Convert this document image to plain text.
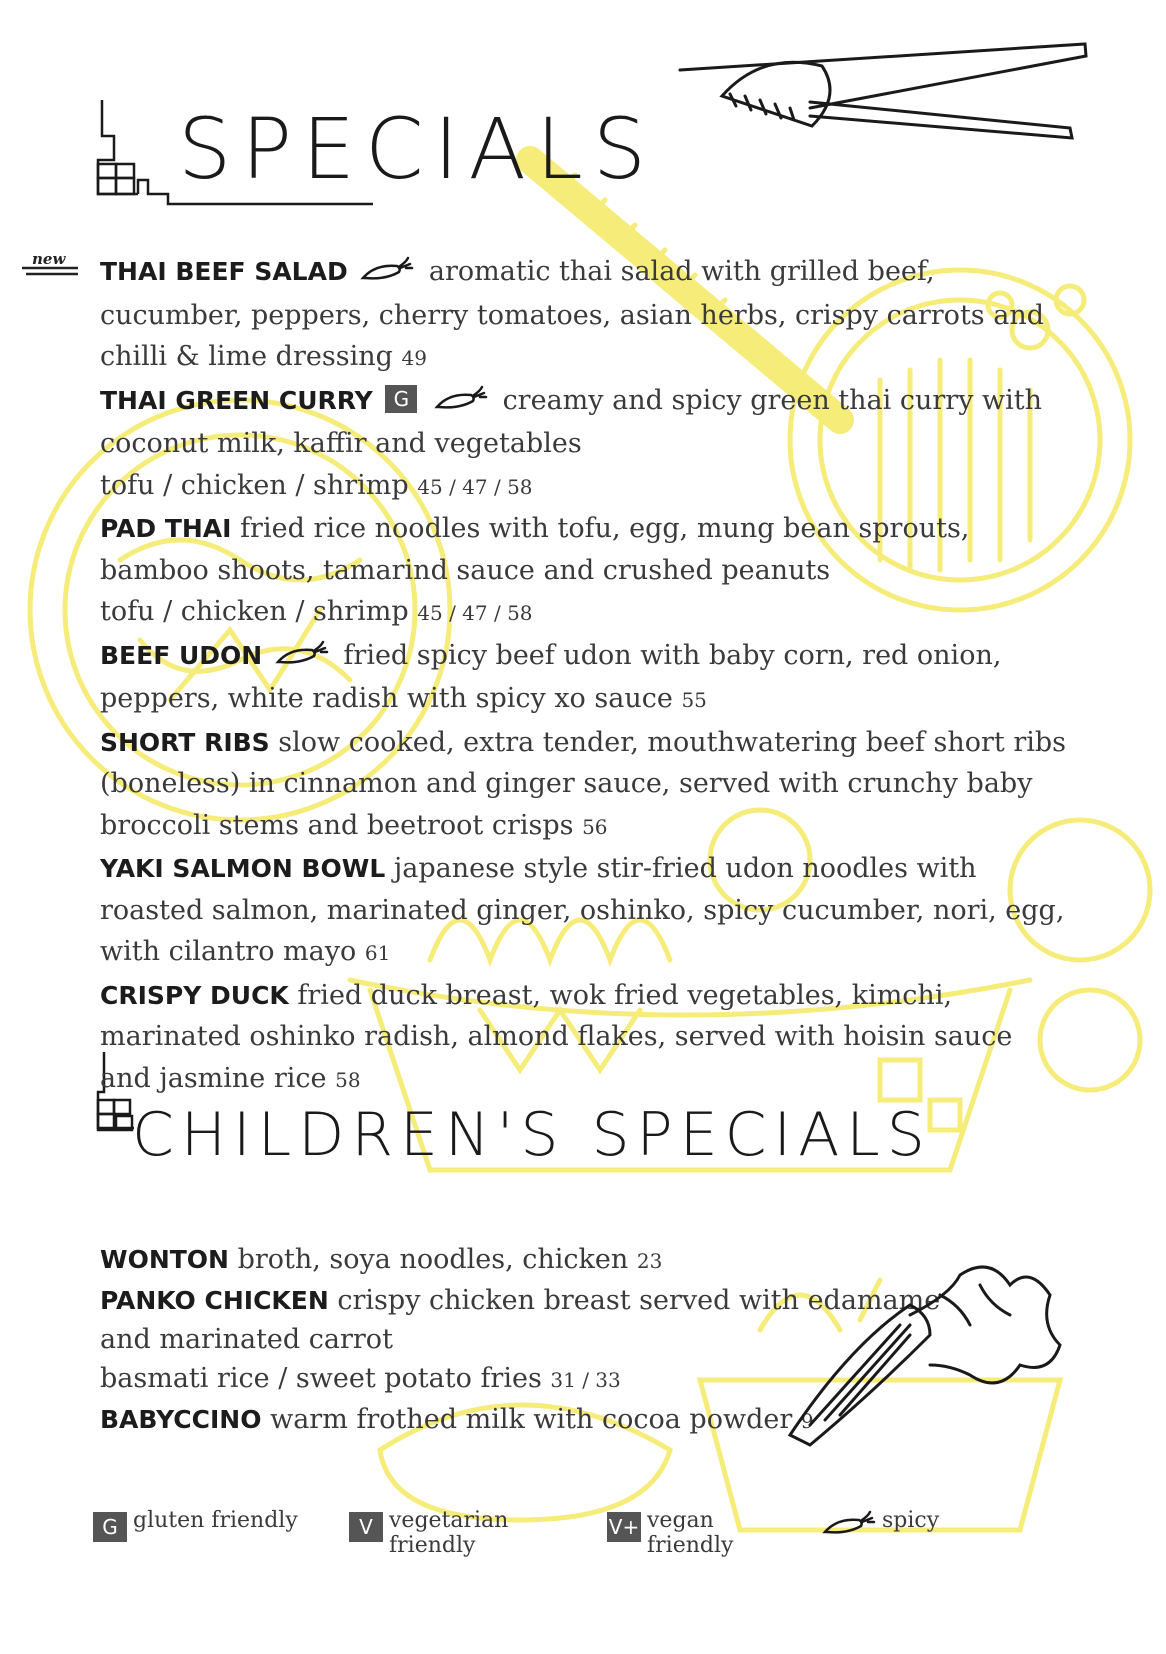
SPECIALS
CHILDREN'S SPECIALS
new THAI BEEF SALAD	aromatic thai salad with grilled beef, cucumber, peppers, cherry tomatoes, asian herbs, crispy carrots and chilli & lime dressing 49

THAI GREEN CURRY G	creamy and spicy green thai curry with coconut milk, kaffir and vegetables
tofu / chicken / shrimp 45 / 47 / 58

PAD THAI fried rice noodles with tofu, egg, mung bean sprouts, bamboo shoots, tamarind sauce and crushed peanuts
tofu / chicken / shrimp 45 / 47 / 58

BEEF UDON	fried spicy beef udon with baby corn, red onion, peppers, white radish with spicy xo sauce 55

SHORT RIBS slow cooked, extra tender, mouthwatering beef short ribs (boneless) in cinnamon and ginger sauce, served with crunchy baby broccoli stems and beetroot crisps 56

YAKI SALMON BOWL japanese style stir-fried udon noodles with roasted salmon, marinated ginger, oshinko, spicy cucumber, nori, egg, with cilantro mayo 61

CRISPY DUCK fried duck breast, wok fried vegetables, kimchi, marinated oshinko radish, almond flakes, served with hoisin sauce and jasmine rice 58

WONTON broth, soya noodles, chicken 23

PANKO CHICKEN crispy chicken breast served with edamame
and marinated carrot
basmati rice / sweet potato fries 31 / 33

BABYCCINO warm frothed milk with cocoa powder 9

G gluten friendly	V vegetarian
friendly
V+ vegan
friendly
spicy
